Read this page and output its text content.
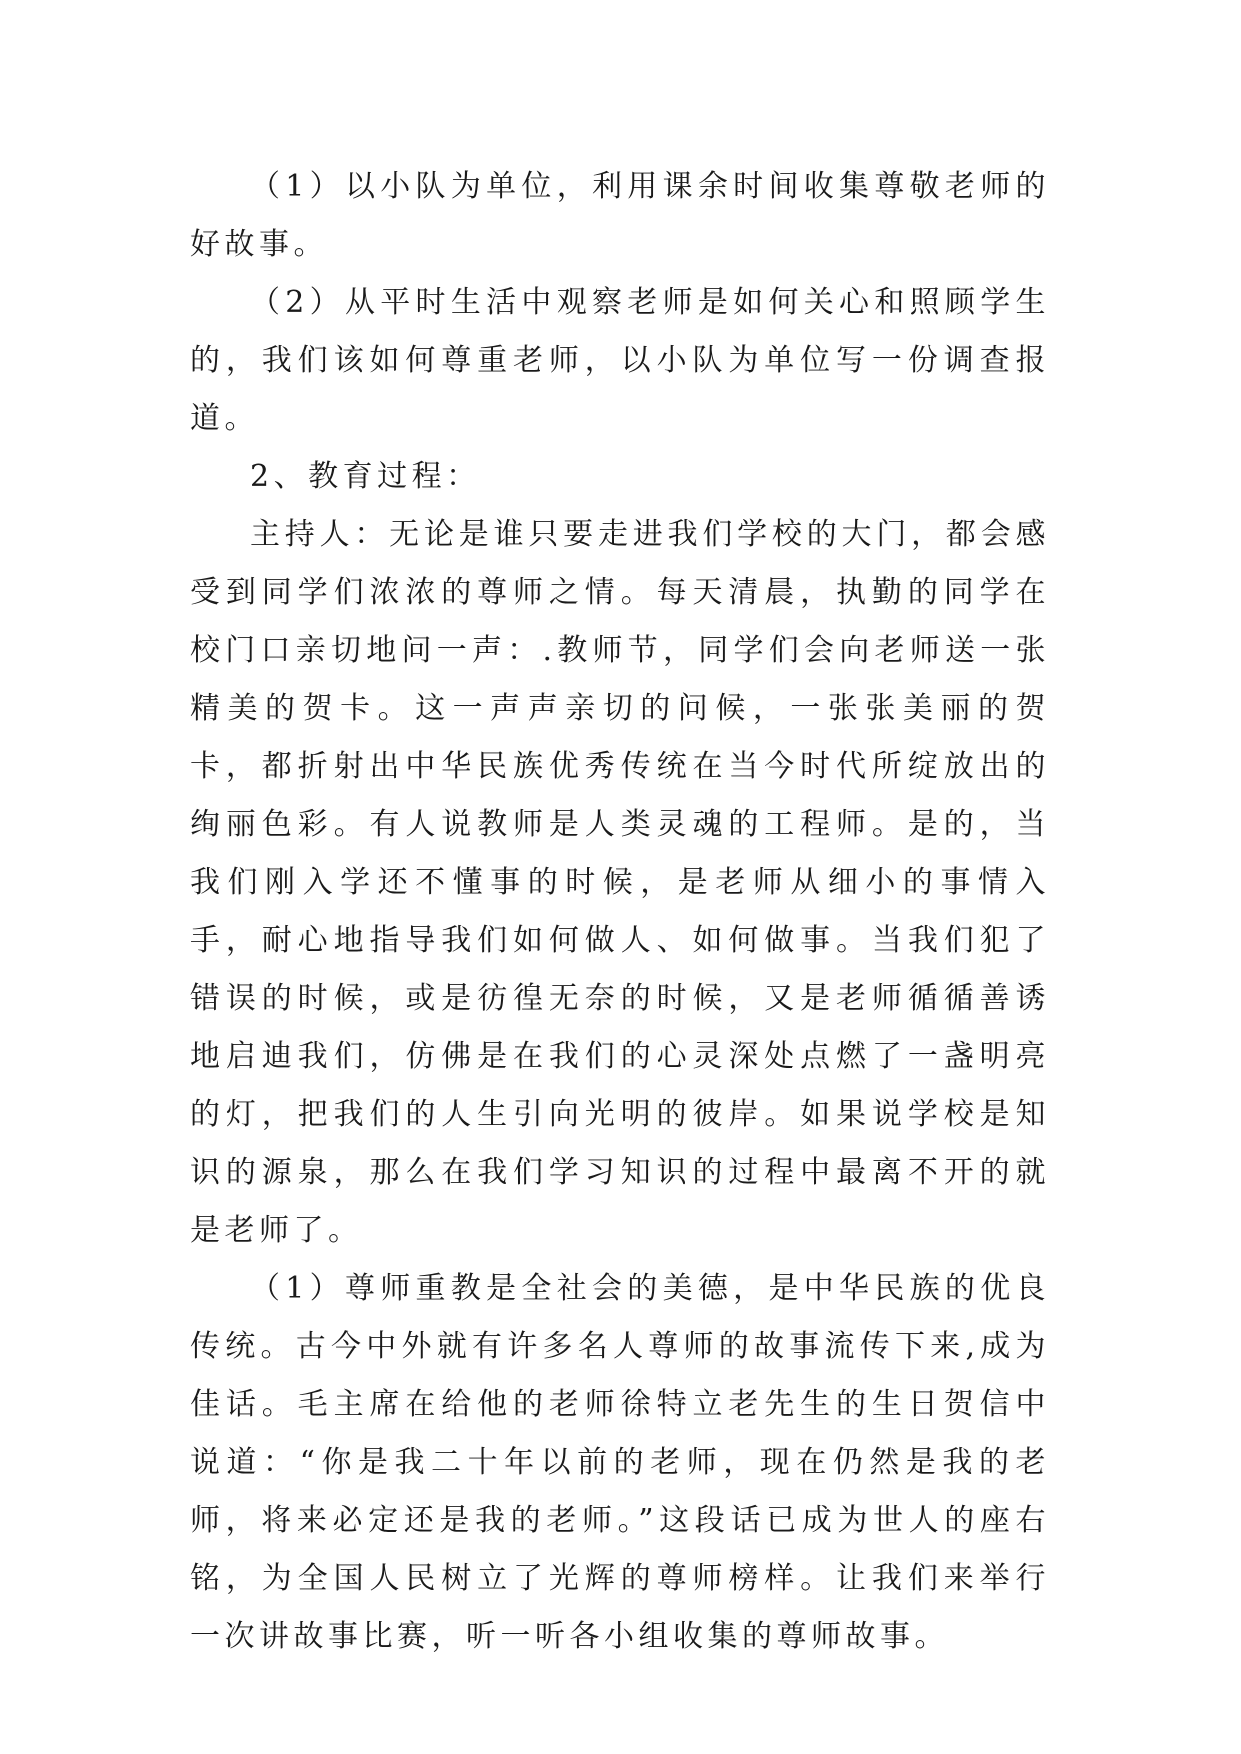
（1）以小队为单位，利用课余时间收集尊敬老师的好故事。

（2）从平时生活中观察老师是如何关心和照顾学生的，我们该如何尊重老师，以小队为单位写一份调查报道。

2、教育过程：

主持人：无论是谁只要走进我们学校的大门，都会感受到同学们浓浓的尊师之情。每天清晨，执勤的同学在校门口亲切地问一声：.教师节，同学们会向老师送一张精美的贺卡。这一声声亲切的问候，一张张美丽的贺卡，都折射出中华民族优秀传统在当今时代所绽放出的绚丽色彩。有人说教师是人类灵魂的工程师。是的，当我们刚入学还不懂事的时候，是老师从细小的事情入手，耐心地指导我们如何做人、如何做事。当我们犯了错误的时候，或是彷徨无奈的时候，又是老师循循善诱地启迪我们，仿佛是在我们的心灵深处点燃了一盏明亮的灯，把我们的人生引向光明的彼岸。如果说学校是知识的源泉，那么在我们学习知识的过程中最离不开的就是老师了。

（1）尊师重教是全社会的美德，是中华民族的优良传统。古今中外就有许多名人尊师的故事流传下来,成为佳话。毛主席在给他的老师徐特立老先生的生日贺信中说道：“你是我二十年以前的老师，现在仍然是我的老师，将来必定还是我的老师。”这段话已成为世人的座右铭，为全国人民树立了光辉的尊师榜样。让我们来举行一次讲故事比赛，听一听各小组收集的尊师故事。
